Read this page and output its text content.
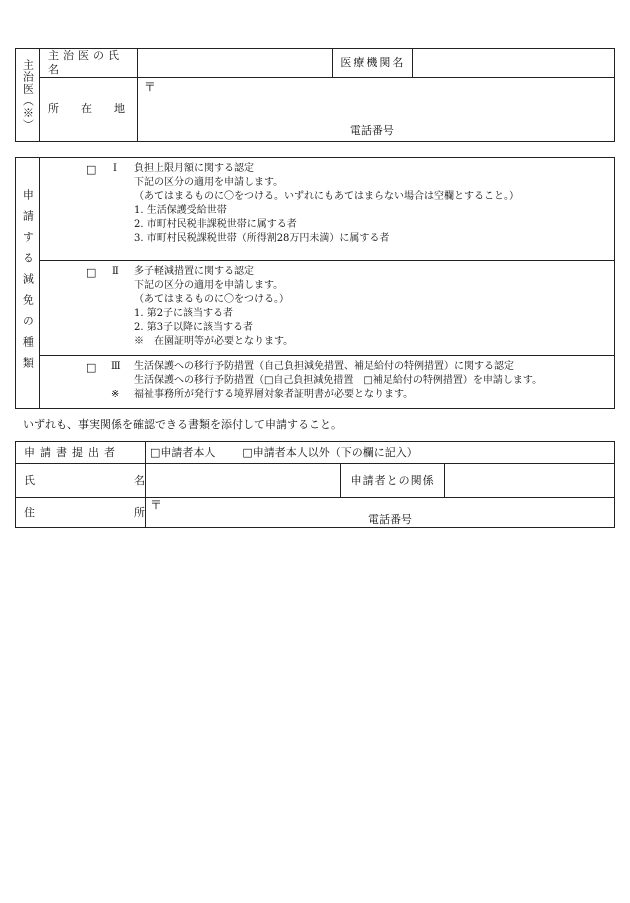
主治医（※）	主治医の氏名		医療機関名	
	所　　在　　地	〒
電話番号		
申請する減免の種類	
□ Ⅰ 負担上限月額に関する認定
下記の区分の適用を申請します。
（あてはまるものに〇をつける。いずれにもあてはまらない場合は空欄とすること。）
1. 生活保護受給世帯
2. 市町村民税非課税世帯に属する者
3. 市町村民税課税世帯（所得割28万円未満）に属する者

□ Ⅱ 多子軽減措置に関する認定
下記の区分の適用を申請します。
（あてはまるものに〇をつける。）
1. 第2子に該当する者
2. 第3子以降に該当する者
※　在園証明等が必要となります。

□ Ⅲ 生活保護への移行予防措置（自己負担減免措置、補足給付の特例措置）に関する認定
生活保護への移行予防措置（□自己負担減免措置　□補足給付の特例措置）を申請します。
※ 福祉事務所が発行する境界層対象者証明書が必要となります。
いずれも、事実関係を確認できる書類を添付して申請すること。
申請書提出者	□申請者本人 □申請者本人以外（下の欄に記入）		
氏　　　　　　　　　名		申請者との関係	
住　　　　　　　　　所	〒
電話番号		
